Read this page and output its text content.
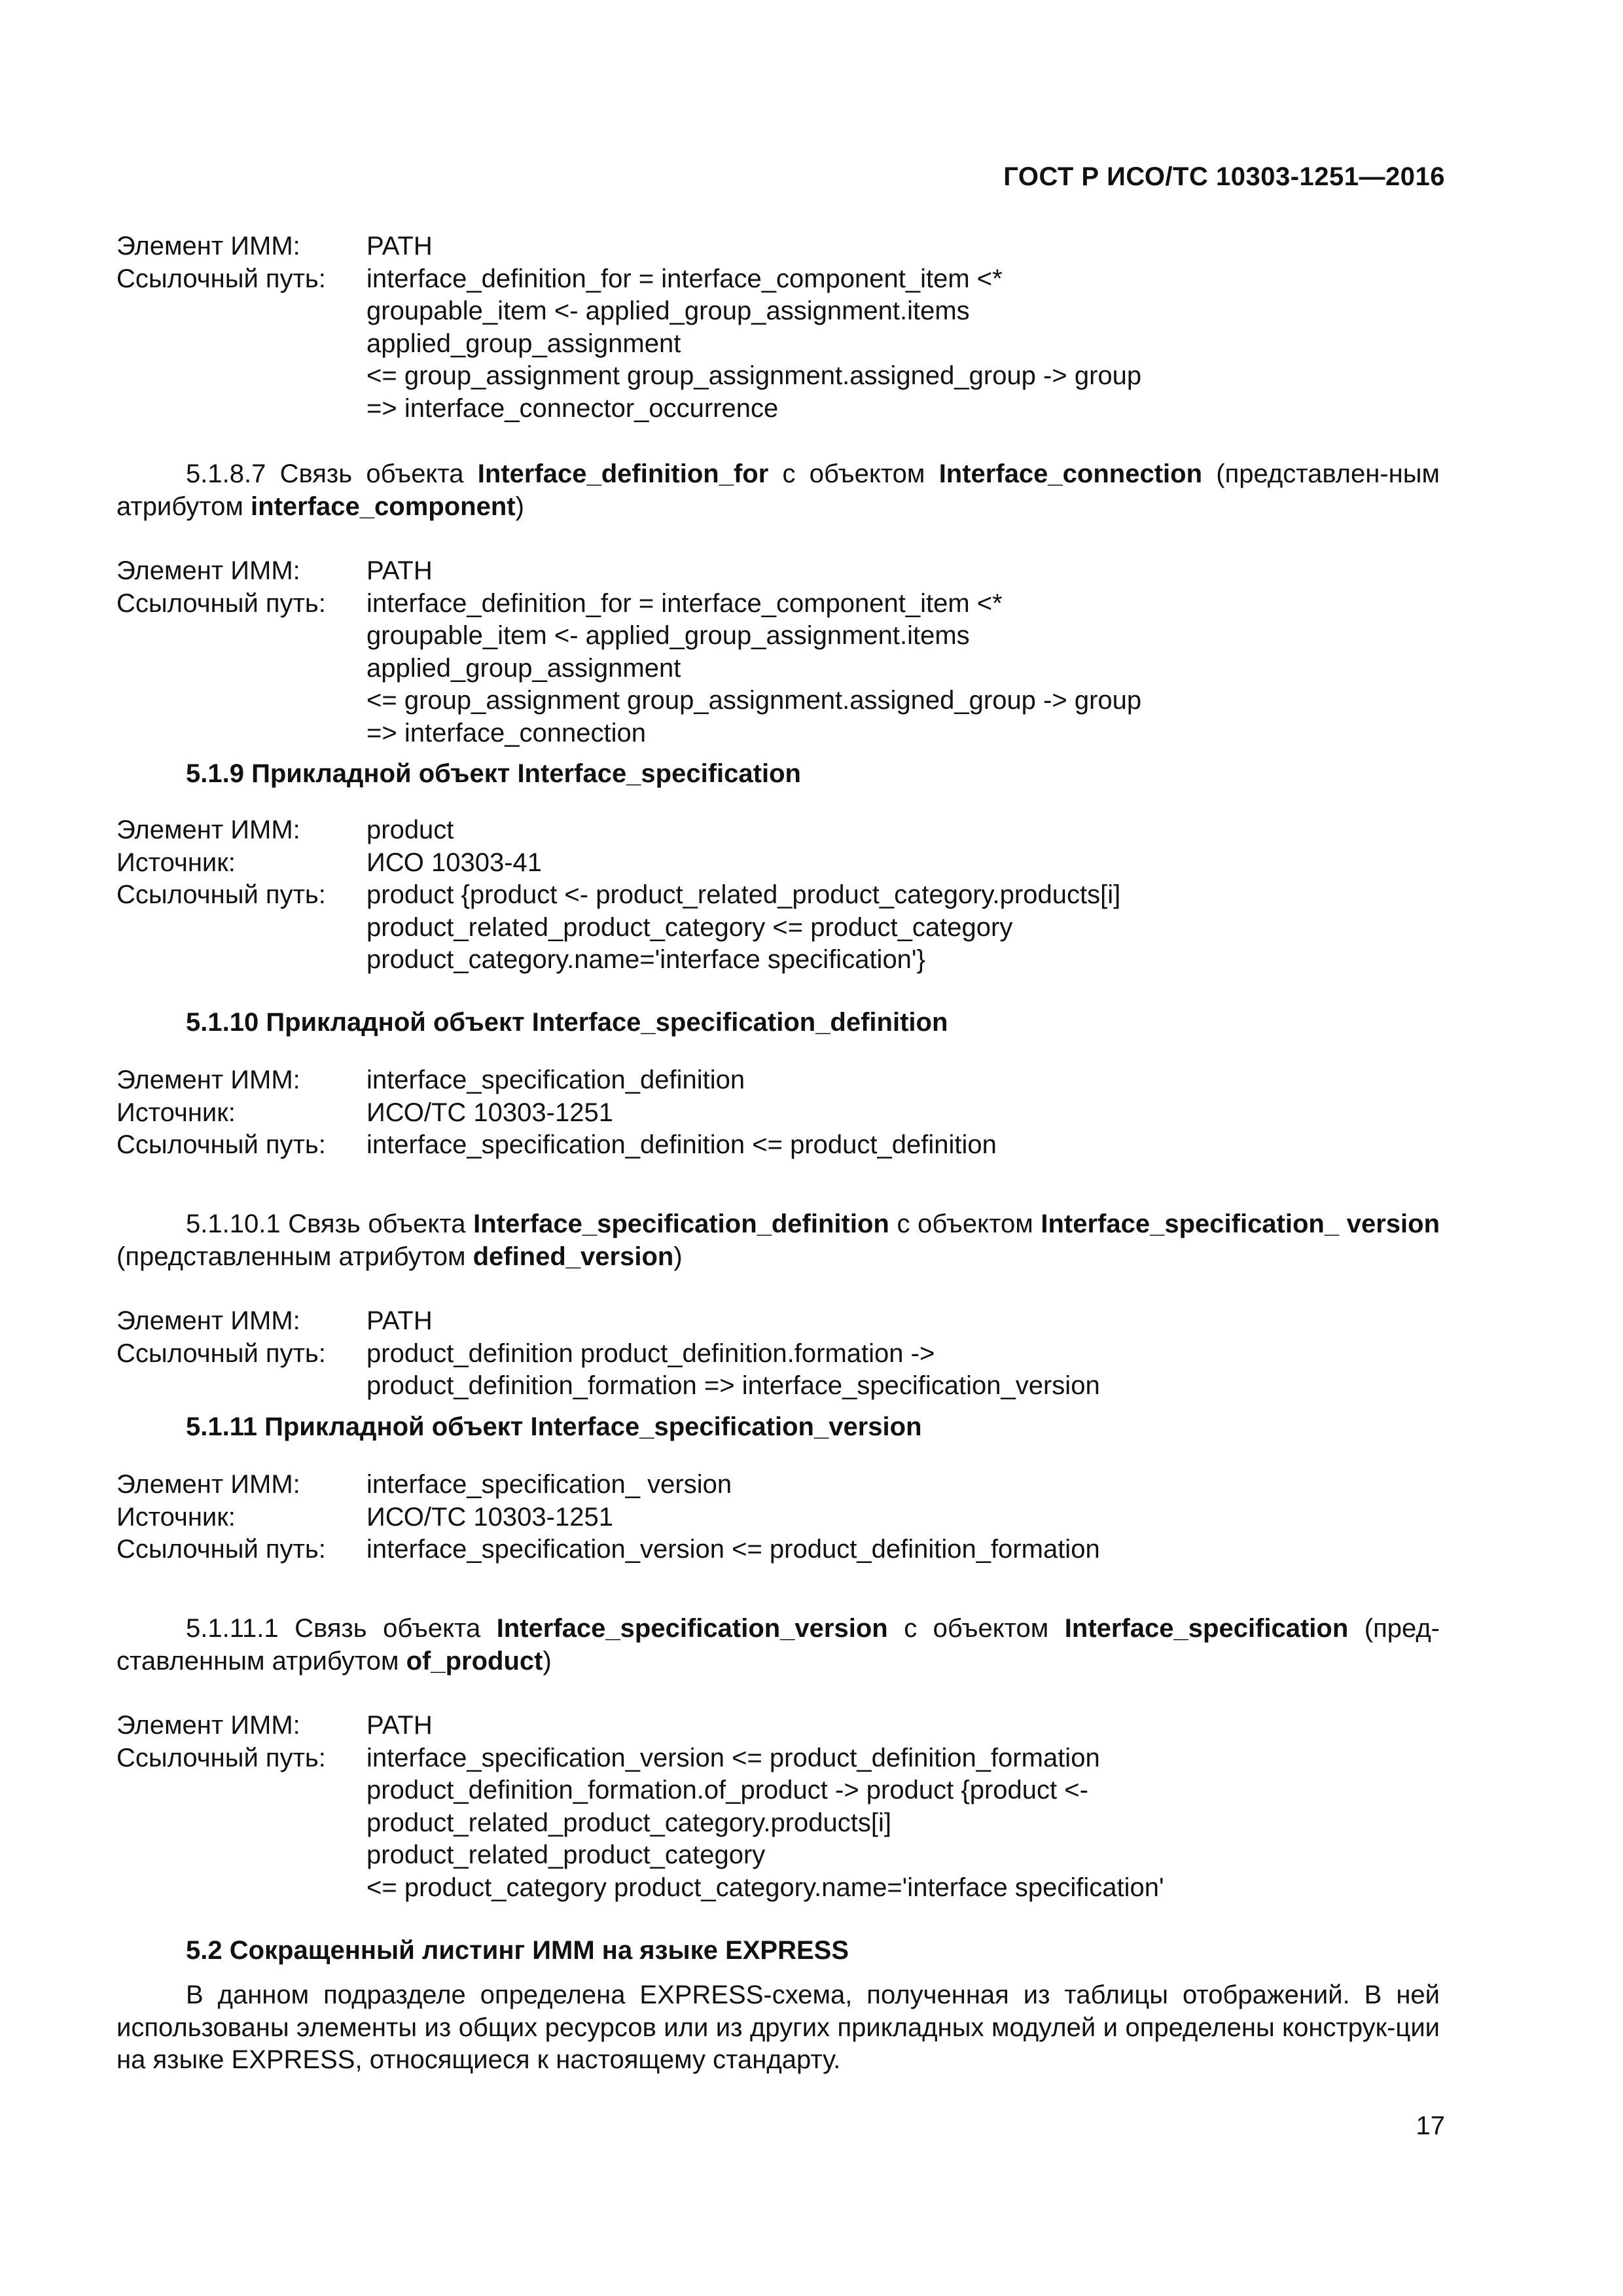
ГОСТ Р ИСО/ТС 10303-1251—2016
Элемент ИММ:	PATH
Ссылочный путь:	interface_definition_for = interface_component_item <*
groupable_item <- applied_group_assignment.items
applied_group_assignment
<= group_assignment group_assignment.assigned_group -> group
=> interface_connector_occurrence
5.1.8.7 Связь объекта Interface_definition_for с объектом Interface_connection (представлен-ным атрибутом interface_component)
Элемент ИММ:	PATH
Ссылочный путь:	interface_definition_for = interface_component_item <*
groupable_item <- applied_group_assignment.items
applied_group_assignment
<= group_assignment group_assignment.assigned_group -> group
=> interface_connection
5.1.9 Прикладной объект Interface_specification
Элемент ИММ:	product
Источник:	ИСО 10303-41
Ссылочный путь:	product {product <- product_related_product_category.products[i]
product_related_product_category <= product_category
product_category.name='interface specification'}
5.1.10 Прикладной объект Interface_specification_definition
Элемент ИММ:	interface_specification_definition
Источник:	ИСО/ТС 10303-1251
Ссылочный путь:	interface_specification_definition <= product_definition
5.1.10.1 Связь объекта Interface_specification_definition с объектом Interface_specification_ version (представленным атрибутом defined_version)
Элемент ИММ:	PATH
Ссылочный путь:	product_definition product_definition.formation ->
product_definition_formation => interface_specification_version
5.1.11 Прикладной объект Interface_specification_version
Элемент ИММ:	interface_specification_ version
Источник:	ИСО/ТС 10303-1251
Ссылочный путь:	interface_specification_version <= product_definition_formation
5.1.11.1 Связь объекта Interface_specification_version с объектом Interface_specification (пред-ставленным атрибутом of_product)
Элемент ИММ:	PATH
Ссылочный путь:	interface_specification_version <= product_definition_formation
product_definition_formation.of_product -> product {product <-
product_related_product_category.products[i]
product_related_product_category
<= product_category product_category.name='interface specification'
5.2 Сокращенный листинг ИММ на языке EXPRESS
В данном подразделе определена EXPRESS-схема, полученная из таблицы отображений. В ней использованы элементы из общих ресурсов или из других прикладных модулей и определены конструк-ции на языке EXPRESS, относящиеся к настоящему стандарту.
17
